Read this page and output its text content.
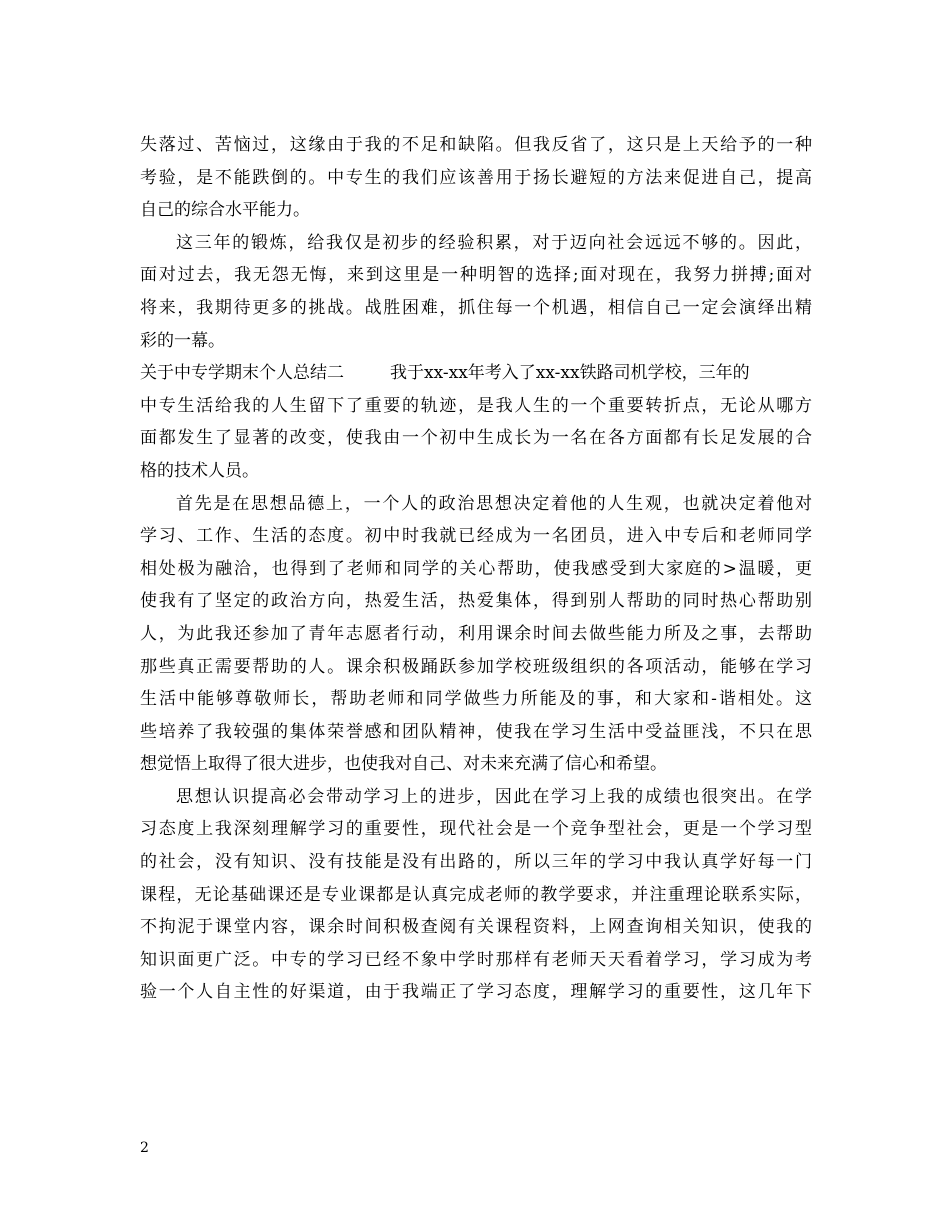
失落过、苦恼过，这缘由于我的不足和缺陷。但我反省了，这只是上天给予的一种
考验，是不能跌倒的。中专生的我们应该善用于扬长避短的方法来促进自己，提高
自己的综合水平能力。
这三年的锻炼，给我仅是初步的经验积累，对于迈向社会远远不够的。因此，
面对过去，我无怨无悔，来到这里是一种明智的选择;面对现在，我努力拼搏;面对
将来，我期待更多的挑战。战胜困难，抓住每一个机遇，相信自己一定会演绎出精
彩的一幕。
关于中专学期末个人总结二	我于xx-xx年考入了xx-xx铁路司机学校，三年的
中专生活给我的人生留下了重要的轨迹，是我人生的一个重要转折点，无论从哪方
面都发生了显著的改变，使我由一个初中生成长为一名在各方面都有长足发展的合
格的技术人员。
首先是在思想品德上，一个人的政治思想决定着他的人生观，也就决定着他对
学习、工作、生活的态度。初中时我就已经成为一名团员，进入中专后和老师同学
相处极为融洽，也得到了老师和同学的关心帮助，使我感受到大家庭的>温暖，更
使我有了坚定的政治方向，热爱生活，热爱集体，得到别人帮助的同时热心帮助别
人，为此我还参加了青年志愿者行动，利用课余时间去做些能力所及之事，去帮助
那些真正需要帮助的人。课余积极踊跃参加学校班级组织的各项活动，能够在学习
生活中能够尊敬师长，帮助老师和同学做些力所能及的事，和大家和-谐相处。这
些培养了我较强的集体荣誉感和团队精神，使我在学习生活中受益匪浅，不只在思
想觉悟上取得了很大进步，也使我对自己、对未来充满了信心和希望。
思想认识提高必会带动学习上的进步，因此在学习上我的成绩也很突出。在学
习态度上我深刻理解学习的重要性，现代社会是一个竞争型社会，更是一个学习型
的社会，没有知识、没有技能是没有出路的，所以三年的学习中我认真学好每一门
课程，无论基础课还是专业课都是认真完成老师的教学要求，并注重理论联系实际，
不拘泥于课堂内容，课余时间积极查阅有关课程资料，上网查询相关知识，使我的
知识面更广泛。中专的学习已经不象中学时那样有老师天天看着学习，学习成为考
验一个人自主性的好渠道，由于我端正了学习态度，理解学习的重要性，这几年下
2
